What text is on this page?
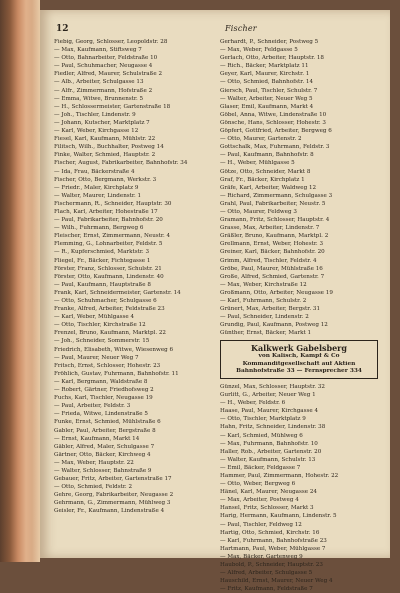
12	Fischer
Fiebig, Georg, Schlosser, Leopoldstr. 28
— Max, Kaufmann, Stiftsweg 7
— Otto, Bahnarbeiter, Feldstraße 10
— Paul, Schuhmacher, Neugasse 4
Fiedler, Alfred, Maurer, Schulstraße 2
— Alb., Arbeiter, Schulgasse 13
— Alfr., Zimmermann, Hofstraße 2
— Emma, Witwe, Brunnenstr. 5
— H., Schlossermeister, Gartenstraße 18
— Joh., Tischler, Lindenstr. 9
— Johann, Kutscher, Marktplatz 7
— Karl, Weber, Kirchgasse 12
Fiesel, Karl, Kaufmann, Mühlstr. 22
Filitsch, Wilh., Buchhalter, Postweg 14
Finke, Walter, Schmied, Hauptstr. 2
Fischer, August, Fabrikarbeiter, Bahnhofstr. 34
— Ida, Frau, Bäckerstraße 4
Fischer, Otto, Bergmann, Werkstr. 3
— Friedr., Maler, Kirchplatz 9
— Walter, Maurer, Lindenstr. 1
Fischermann, R., Schneider, Hauptstr. 30
Flach, Karl, Arbeiter, Hohestraße 17
— Paul, Fabrikarbeiter, Bahnhofstr. 20
— Wilh., Fuhrmann, Bergweg 6
Fleischer, Ernst, Zimmermann, Neustr. 4
Flemming, G., Lohnarbeiter, Feldstr. 5
— R., Kupferschmied, Marktstr. 3
Fliegel, Fr., Bäcker, Fichtegasse 1
Förster, Franz, Schlosser, Schulstr. 21
Förster, Otto, Kaufmann, Lindenstr. 40
— Paul, Kaufmann, Hauptstraße 8
Frank, Karl, Schneidermeister, Gartenstr. 14
— Otto, Schuhmacher, Schulgasse 6
Franke, Alfred, Arbeiter, Feldstraße 23
— Karl, Weber, Mühlgasse 4
— Otto, Tischler, Kirchstraße 12
Frenzel, Bruno, Kaufmann, Marktpl. 22
— Joh., Schneider, Sommerstr. 15
Friedrich, Elisabeth, Witwe, Wiesenweg 6
— Paul, Maurer, Neuer Weg 7
Fritsch, Ernst, Schlosser, Hohestr. 23
Fröhlich, Gustav, Fuhrmann, Bahnhofstr. 11
— Karl, Bergmann, Waldstraße 8
— Robert, Gärtner, Friedhofsweg 2
Fuchs, Karl, Tischler, Neugasse 19
— Paul, Arbeiter, Feldstr. 3
— Frieda, Witwe, Lindenstraße 5
Funke, Ernst, Schmied, Mühlstraße 6
Gabler, Paul, Arbeiter, Bergstraße 8
— Ernst, Kaufmann, Markt 14
Gäbler, Alfred, Maler, Schulgasse 7
Gärtner, Otto, Bäcker, Kirchweg 4
— Max, Weber, Hauptstr. 22
— Walter, Schlosser, Bahnstraße 9
Gebauer, Fritz, Arbeiter, Gartenstraße 17
— Otto, Schmied, Feldstr. 2
Gehre, Georg, Fabrikarbeiter, Neugasse 2
Gehrmann, G., Zimmermann, Mühlweg 3
Geisler, Fr., Kaufmann, Lindenstraße 4
Gerhardt, P., Schneider, Postweg 5
— Max, Weber, Feldgasse 5
Gerlach, Otto, Arbeiter, Hauptstr. 18
— Rich., Bäcker, Marktplatz 11
Geyer, Karl, Maurer, Kirchstr. 1
— Otto, Schmied, Bahnhofstr. 14
Giersch, Paul, Tischler, Schulstr. 7
— Walter, Arbeiter, Neuer Weg 5
Glaser, Emil, Kaufmann, Markt 4
Göbel, Anna, Witwe, Lindenstraße 10
Gönsche, Hans, Schlosser, Hohestr. 3
Göpfert, Gottfried, Arbeiter, Bergweg 6
— Otto, Maurer, Gartenstr. 2
Gottschalk, Max, Fuhrmann, Feldstr. 3
— Paul, Kaufmann, Bahnhofstr. 8
— H., Weber, Mühlgasse 5
Götze, Otto, Schneider, Markt 8
Graf, Fr., Bäcker, Kirchplatz 1
Gräfe, Karl, Arbeiter, Waldweg 12
— Richard, Zimmermann, Schulgasse 3
Grahl, Paul, Fabrikarbeiter, Neustr. 5
— Otto, Maurer, Feldweg 3
Gramann, Fritz, Schlosser, Hauptstr. 4
Grasse, Max, Arbeiter, Lindenstr. 7
Gräßler, Bruno, Kaufmann, Marktpl. 2
Grellmann, Ernst, Weber, Hohestr. 3
Greiner, Karl, Bäcker, Bahnhofstr. 20
Grimm, Alfred, Tischler, Feldstr. 4
Gröbe, Paul, Maurer, Mühlstraße 16
Große, Alfred, Schmied, Gartenstr. 7
— Max, Weber, Kirchstraße 12
Großmann, Otto, Arbeiter, Neugasse 19
— Karl, Fuhrmann, Schulstr. 2
Grünert, Max, Arbeiter, Bergstr. 31
— Paul, Schneider, Lindenstr. 2
Grundig, Paul, Kaufmann, Postweg 12
Günther, Ernst, Bäcker, Markt 1
Kalkwerk Gabelsberg
von Kalisch, Kampf & Co
Kommanditgesellschaft auf Aktien
Bahnhofstraße 33 — Fernsprecher 334
Günzel, Max, Schlosser, Hauptstr. 32
Gurlitt, G., Arbeiter, Neuer Weg 1
— H., Weber, Feldstr. 6
Haase, Paul, Maurer, Kirchgasse 4
— Otto, Tischler, Marktplatz 9
Hahn, Fritz, Schneider, Lindenstr. 38
— Karl, Schmied, Mühlweg 6
— Max, Fuhrmann, Bahnhofstr. 10
Haller, Rob., Arbeiter, Gartenstr. 20
— Walter, Kaufmann, Schulstr. 13
— Emil, Bäcker, Feldgasse 7
Hammer, Paul, Zimmermann, Hohestr. 22
— Otto, Weber, Bergweg 6
Hänel, Karl, Maurer, Neugasse 24
— Max, Arbeiter, Postweg 4
Hansel, Fritz, Schlosser, Markt 3
Harig, Hermann, Kaufmann, Lindenstr. 5
— Paul, Tischler, Feldweg 12
Hartig, Otto, Schmied, Kirchstr. 16
— Karl, Fuhrmann, Bahnhofstraße 23
Hartmann, Paul, Weber, Mühlgasse 7
— Max, Bäcker, Gartenweg 9
Haubold, P., Schneider, Hauptstr. 23
— Alfred, Arbeiter, Schulgasse 5
Hauschild, Ernst, Maurer, Neuer Weg 4
— Fritz, Kaufmann, Feldstraße 7
